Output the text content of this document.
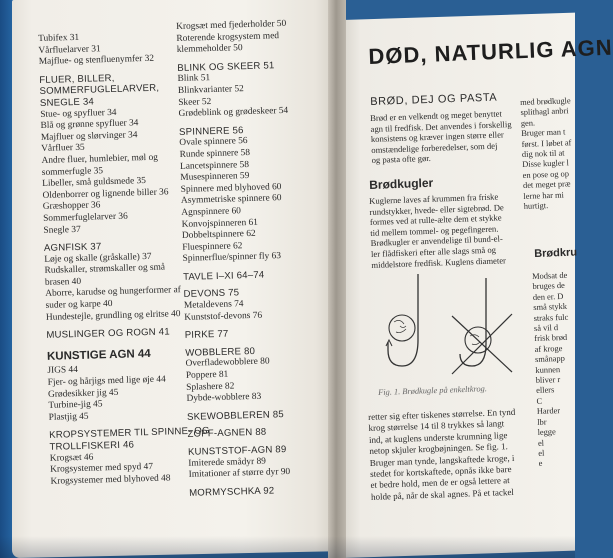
Tubifex 31
Vårfluelarver 31
Majflue- og stenfluenymfer 32
FLUER, BILLER,
SOMMERFUGLELARVER,
SNEGLE 34
Stue- og spyfluer 34
Blå og grønne spyfluer 34
Majfluer og slørvinger 34
Vårfluer 35
Andre fluer, humlebier, møl og
sommerfugle 35
Libeller, små guldsmede 35
Oldenborrer og lignende biller 36
Græshopper 36
Sommerfuglelarver 36
Snegle 37
AGNFISK 37
Løje og skalle (gråskalle) 37
Rudskaller, strømskaller og små
brasen 40
Aborre, karudse og hungerformer af
suder og karpe 40
Hundestejle, grundling og elritse 40
MUSLINGER OG ROGN 41
KUNSTIGE AGN 44
JIGS 44
Fjer- og hårjigs med lige øje 44
Grødesikker jig 45
Turbine-jig 45
Plastjig 45
KROPSYSTEMER TIL SPINNE- OG
TROLLFISKERI 46
Krogsæt 46
Krogsystemer med spyd 47
Krogsystemer med blyhoved 48
Krogsæt med fjederholder 50
Roterende krogsystem med
klemmeholder 50
BLINK OG SKEER 51
Blink 51
Blinkvarianter 52
Skeer 52
Grødeblink og grødeskeer 54
SPINNERE 56
Ovale spinnere 56
Runde spinnere 58
Lancetspinnere 58
Musespinneren 59
Spinnere med blyhoved 60
Asymmetriske spinnere 60
Agnspinnere 60
Konvojspinneren 61
Dobbeltspinnere 62
Fluespinnere 62
Spinnerflue/spinner fly 63
TAVLE I–XI 64–74
DEVONS 75
Metaldevens 74
Kunststof-devons 76
PIRKE 77
WOBBLERE 80
Overfladewobblere 80
Poppere 81
Splashere 82
Dybde-wobblere 83
SKEWOBBLEREN 85
ZOPF-AGNEN 88
KUNSTSTOF-AGN 89
Imiterede smådyr 89
Imitationer af større dyr 90
MORMYSCHKA 92
DØD, NATURLIG AGN
BRØD, DEJ OG PASTA
Brød er en velkendt og meget benyttet
agn til fredfisk. Det anvendes i forskellig
konsistens og kræver ingen større eller
omstændelige forberedelser, som dej
og pasta ofte gør.
Brødkugler
Kuglerne laves af krummen fra friske
rundstykker, hvede- eller sigtebrød. De
formes ved at rulle-ælte dem et stykke
tid mellem tommel- og pegefingeren.
Brødkugler er anvendelige til bund-el-
ler flådfiskeri efter alle slags små og
middelstore fredfisk. Kuglens diameter
Fig. 1. Brødkugle på enkeltkrog.
retter sig efter tiskenes størrelse. En tynd
krog størrelse 14 til 8 trykkes så langt
ind, at kuglens underste krumning lige
netop skjuler krogbøjningen. Se fig. 1.
Bruger man tynde, langskaftede kroge, i
stedet for kortskaftede, opnås ikke bare
et bedre hold, men de er også lettere at
holde på, når de skal agnes. På et tackel
med brødkugle
splithagl anbri
gen.
Bruger man t
først. I løbet af
dig nok til at
Disse kugler l
en pose og op
det meget præ
lerne har mi
hurtigt.
Brødkru
Modsat de
bruges de
den er. D
små stykk
straks fulc
så vil d
frisk brød
af kroge
smånapp
kunnen
bliver r
ellers
C
Harder
lbr
legge
el
el
e
